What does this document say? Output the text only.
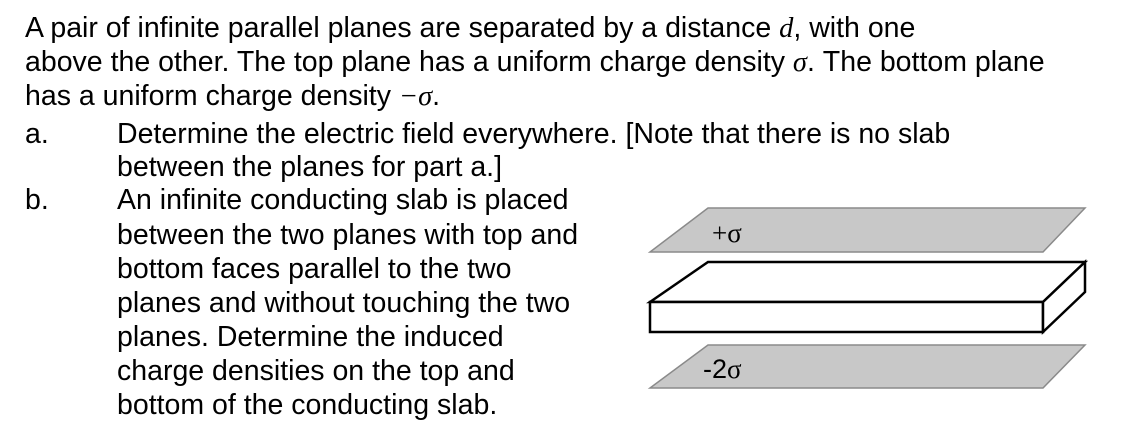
A pair of infinite parallel planes are separated by a distance d, with one
above the other. The top plane has a uniform charge density σ. The bottom plane
has a uniform charge density −σ.
a. Determine the electric field everywhere. [Note that there is no slab
between the planes for part a.]
b. An infinite conducting slab is placed
between the two planes with top and
bottom faces parallel to the two
planes and without touching the two
planes. Determine the induced
charge densities on the top and
bottom of the conducting slab.
+σ
-2σ
